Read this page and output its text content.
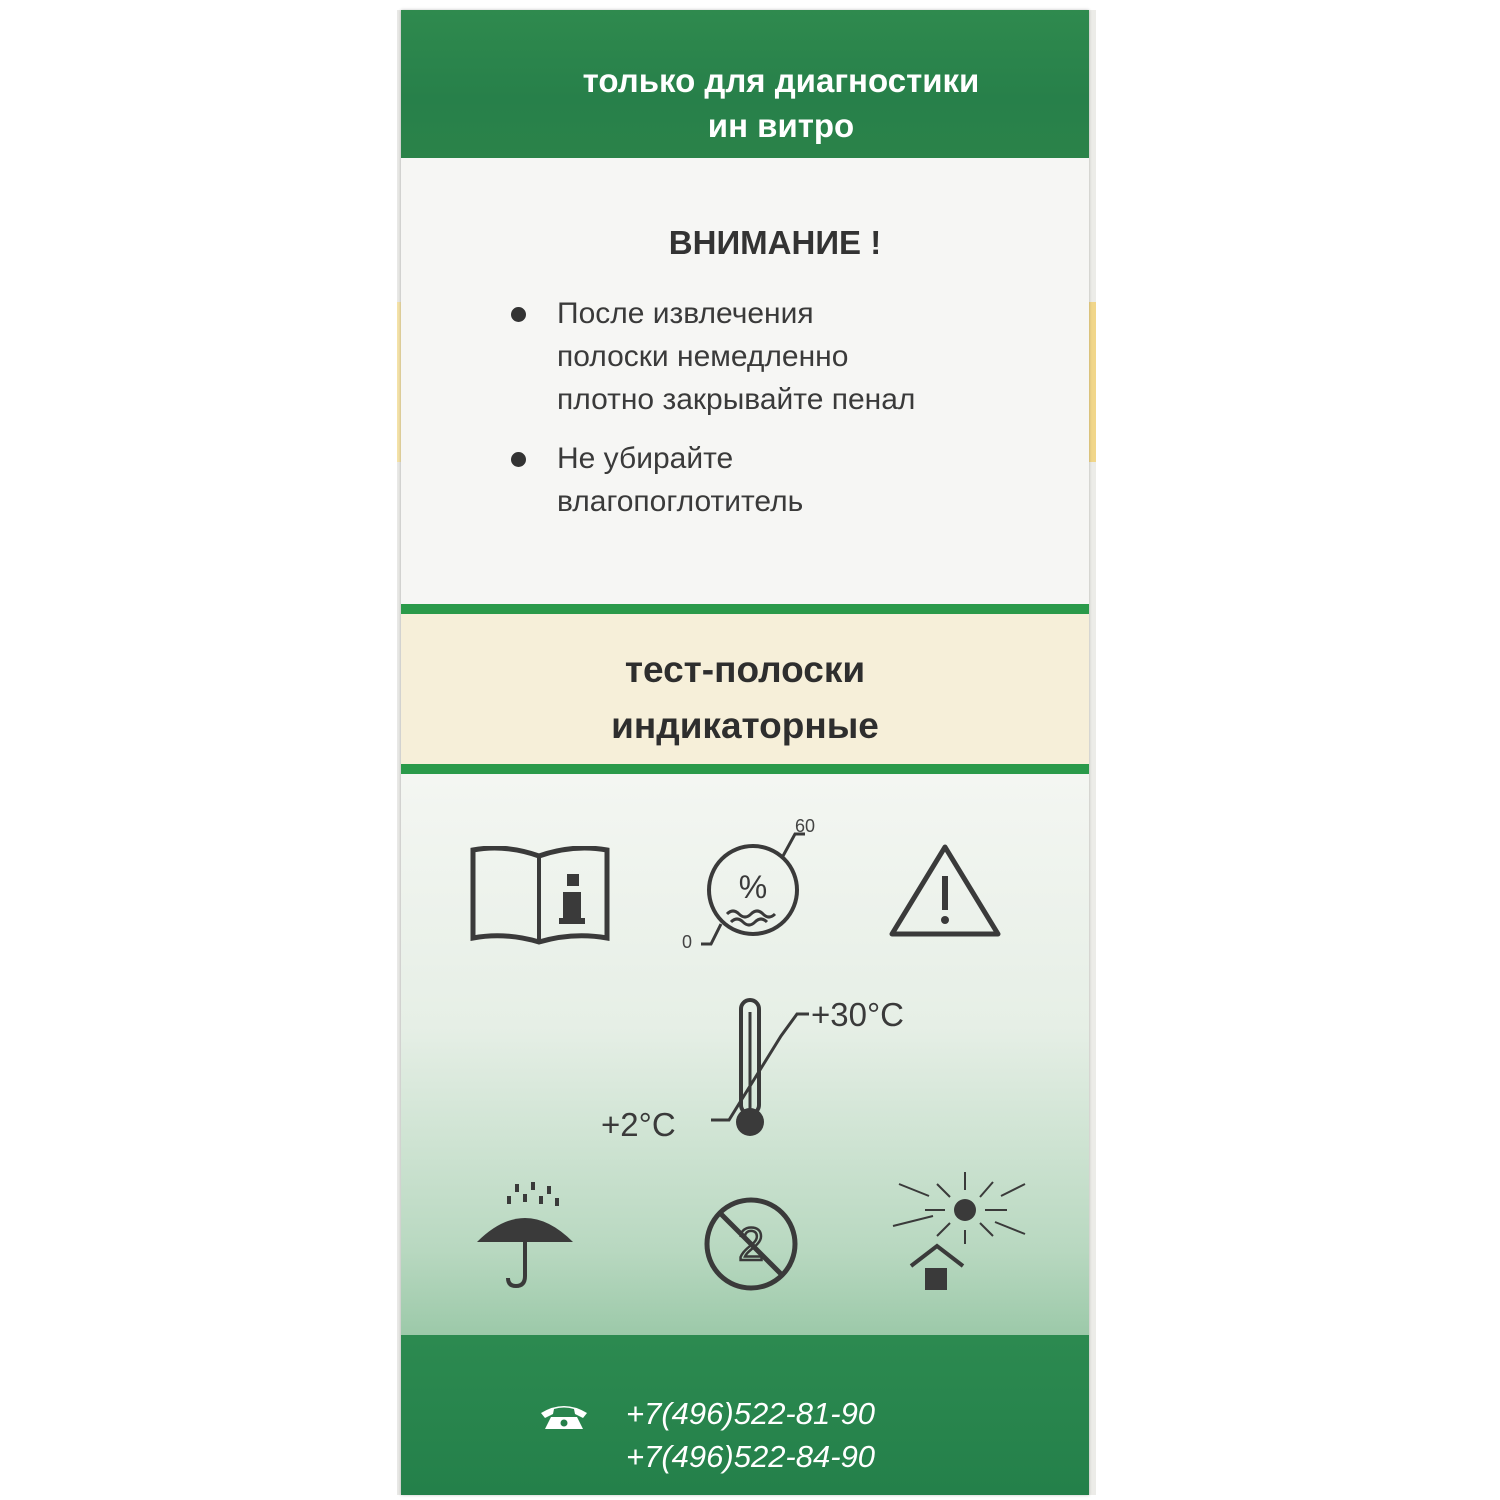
только для диагностики
ин витро
ВНИМАНИЕ !
После извлечения полоски немедленно плотно закрывайте пенал
Не убирайте влагопоглотитель
тест-полоски
индикаторные
%
60
0
+30°C
+2°C
2
+7(496)522-81-90
+7(496)522-84-90
